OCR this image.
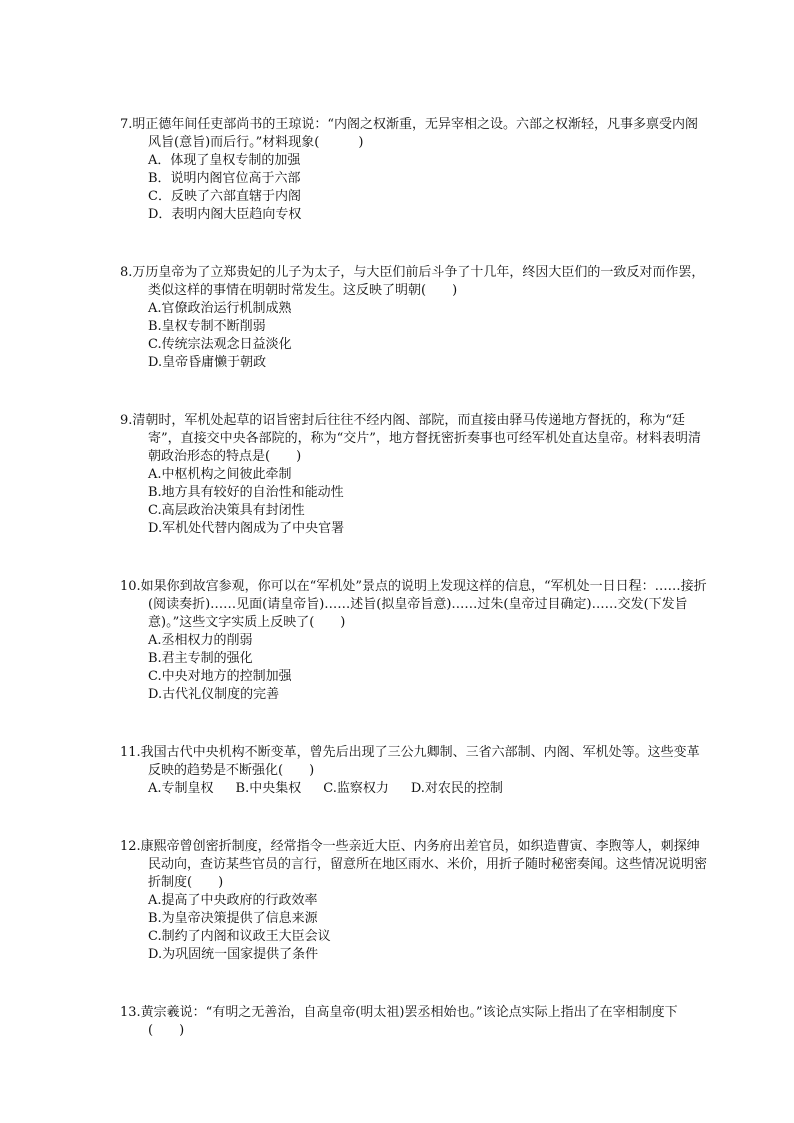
7.明正德年间任吏部尚书的王琼说：“内阁之权渐重，无异宰相之设。六部之权渐轻，凡事多禀受内阁风旨(意旨)而后行。”材料现象(　　　)

A．体现了皇权专制的加强
B．说明内阁官位高于六部
C．反映了六部直辖于内阁
D．表明内阁大臣趋向专权

8.万历皇帝为了立郑贵妃的儿子为太子，与大臣们前后斗争了十几年，终因大臣们的一致反对而作罢，类似这样的事情在明朝时常发生。这反映了明朝(　　)

A.官僚政治运行机制成熟
B.皇权专制不断削弱
C.传统宗法观念日益淡化
D.皇帝昏庸懒于朝政

9.清朝时，军机处起草的诏旨密封后往往不经内阁、部院，而直接由驿马传递地方督抚的，称为“廷寄”，直接交中央各部院的，称为“交片”，地方督抚密折奏事也可经军机处直达皇帝。材料表明清朝政治形态的特点是(　　)

A.中枢机构之间彼此牵制
B.地方具有较好的自治性和能动性
C.高层政治决策具有封闭性
D.军机处代替内阁成为了中央官署

10.如果你到故宫参观，你可以在“军机处”景点的说明上发现这样的信息，“军机处一日日程：……接折(阅读奏折)……见面(请皇帝旨)……述旨(拟皇帝旨意)……过朱(皇帝过目确定)……交发(下发旨意)。”这些文字实质上反映了(　　)

A.丞相权力的削弱
B.君主专制的强化
C.中央对地方的控制加强
D.古代礼仪制度的完善

11.我国古代中央机构不断变革，曾先后出现了三公九卿制、三省六部制、内阁、军机处等。这些变革反映的趋势是不断强化(　　)

A.专制皇权 B.中央集权 C.监察权力 D.对农民的控制

12.康熙帝曾创密折制度，经常指令一些亲近大臣、内务府出差官员，如织造曹寅、李煦等人，刺探绅民动向，查访某些官员的言行，留意所在地区雨水、米价，用折子随时秘密奏闻。这些情况说明密折制度(　　)

A.提高了中央政府的行政效率
B.为皇帝决策提供了信息来源
C.制约了内阁和议政王大臣会议
D.为巩固统一国家提供了条件

13.黄宗羲说：“有明之无善治，自高皇帝(明太祖)罢丞相始也。”该论点实际上指出了在宰相制度下(　　)
